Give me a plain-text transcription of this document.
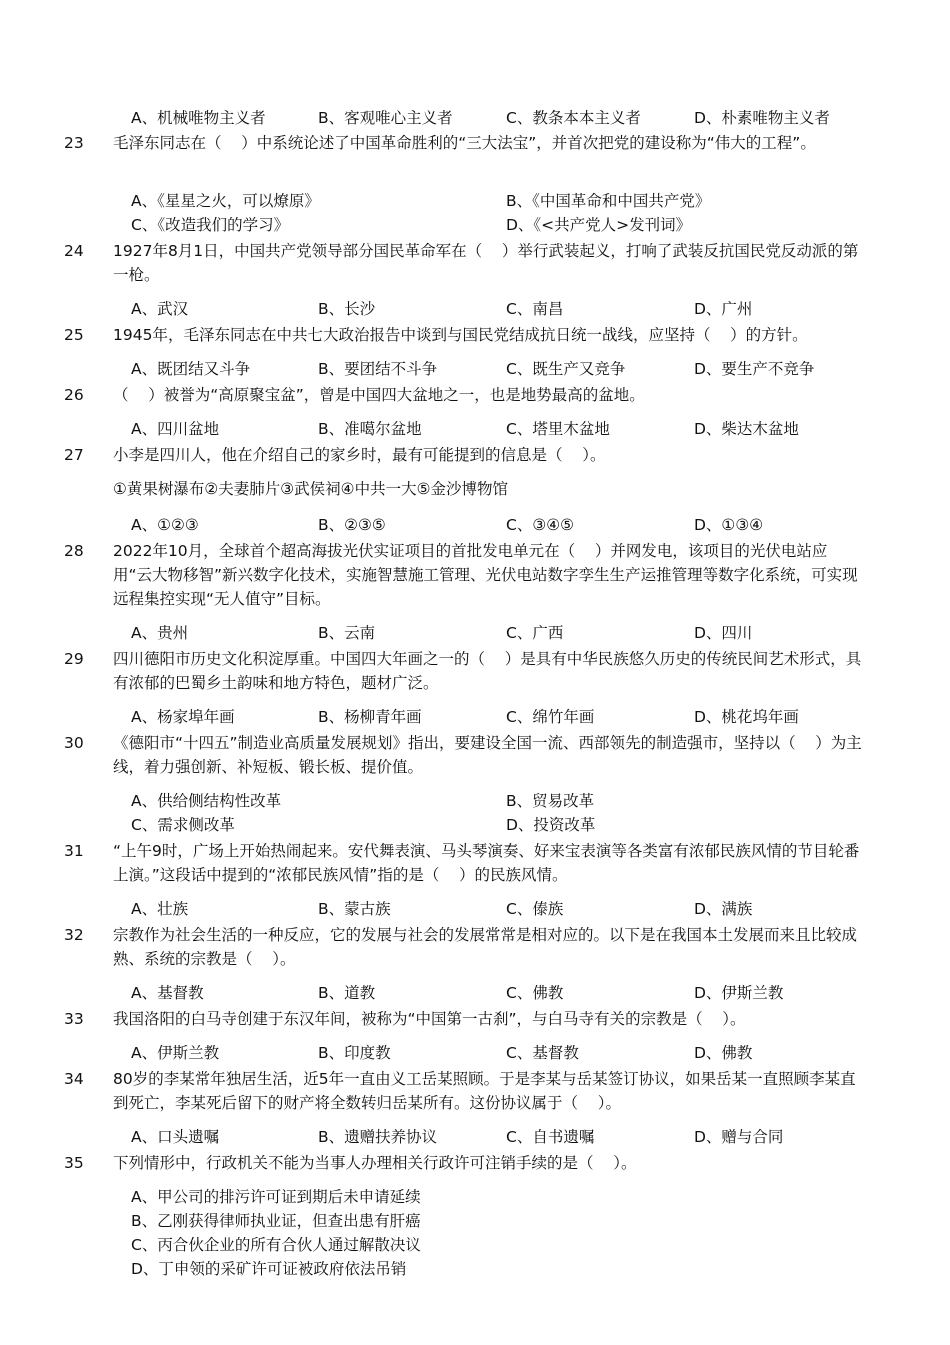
A、机械唯物主义者	B、客观唯心主义者	C、教条本本主义者	D、朴素唯物主义者
23 毛泽东同志在（    ）中系统论述了中国革命胜利的“三大法宝”，并首次把党的建设称为“伟大的工程”。
A、《星星之火，可以燎原》	B、《中国革命和中国共产党》
C、《改造我们的学习》	D、《<共产党人>发刊词》
24 1927年8月1日，中国共产党领导部分国民革命军在（    ）举行武装起义，打响了武装反抗国民党反动派的第一枪。
A、武汉	B、长沙	C、南昌	D、广州
25 1945年，毛泽东同志在中共七大政治报告中谈到与国民党结成抗日统一战线，应坚持（    ）的方针。
A、既团结又斗争	B、要团结不斗争	C、既生产又竞争	D、要生产不竞争
26 （    ）被誉为“高原聚宝盆”，曾是中国四大盆地之一，也是地势最高的盆地。
A、四川盆地	B、准噶尔盆地	C、塔里木盆地	D、柴达木盆地
27 小李是四川人，他在介绍自己的家乡时，最有可能提到的信息是（    ）。
①黄果树瀑布②夫妻肺片③武侯祠④中共一大⑤金沙博物馆
A、①②③	B、②③⑤	C、③④⑤	D、①③④
28 2022年10月，全球首个超高海拔光伏实证项目的首批发电单元在（    ）并网发电，该项目的光伏电站应用“云大物移智”新兴数字化技术，实施智慧施工管理、光伏电站数字孪生生产运推管理等数字化系统，可实现远程集控实现“无人值守”目标。
A、贵州	B、云南	C、广西	D、四川
29 四川德阳市历史文化积淀厚重。中国四大年画之一的（    ）是具有中华民族悠久历史的传统民间艺术形式，具有浓郁的巴蜀乡土韵味和地方特色，题材广泛。
A、杨家埠年画	B、杨柳青年画	C、绵竹年画	D、桃花坞年画
30 《德阳市“十四五”制造业高质量发展规划》指出，要建设全国一流、西部领先的制造强市，坚持以（    ）为主线，着力强创新、补短板、锻长板、提价值。
A、供给侧结构性改革	B、贸易改革
C、需求侧改革	D、投资改革
31 “上午9时，广场上开始热闹起来。安代舞表演、马头琴演奏、好来宝表演等各类富有浓郁民族风情的节目轮番上演。”这段话中提到的“浓郁民族风情”指的是（    ）的民族风情。
A、壮族	B、蒙古族	C、傣族	D、满族
32 宗教作为社会生活的一种反应，它的发展与社会的发展常常是相对应的。以下是在我国本土发展而来且比较成熟、系统的宗教是（    ）。
A、基督教	B、道教	C、佛教	D、伊斯兰教
33 我国洛阳的白马寺创建于东汉年间，被称为“中国第一古刹”，与白马寺有关的宗教是（    ）。
A、伊斯兰教	B、印度教	C、基督教	D、佛教
34 80岁的李某常年独居生活，近5年一直由义工岳某照顾。于是李某与岳某签订协议，如果岳某一直照顾李某直到死亡，李某死后留下的财产将全数转归岳某所有。这份协议属于（    ）。
A、口头遗嘱	B、遗赠扶养协议	C、自书遗嘱	D、赠与合同
35 下列情形中，行政机关不能为当事人办理相关行政许可注销手续的是（    ）。
A、甲公司的排污许可证到期后未申请延续
B、乙刚获得律师执业证，但查出患有肝癌
C、丙合伙企业的所有合伙人通过解散决议
D、丁申领的采矿许可证被政府依法吊销
